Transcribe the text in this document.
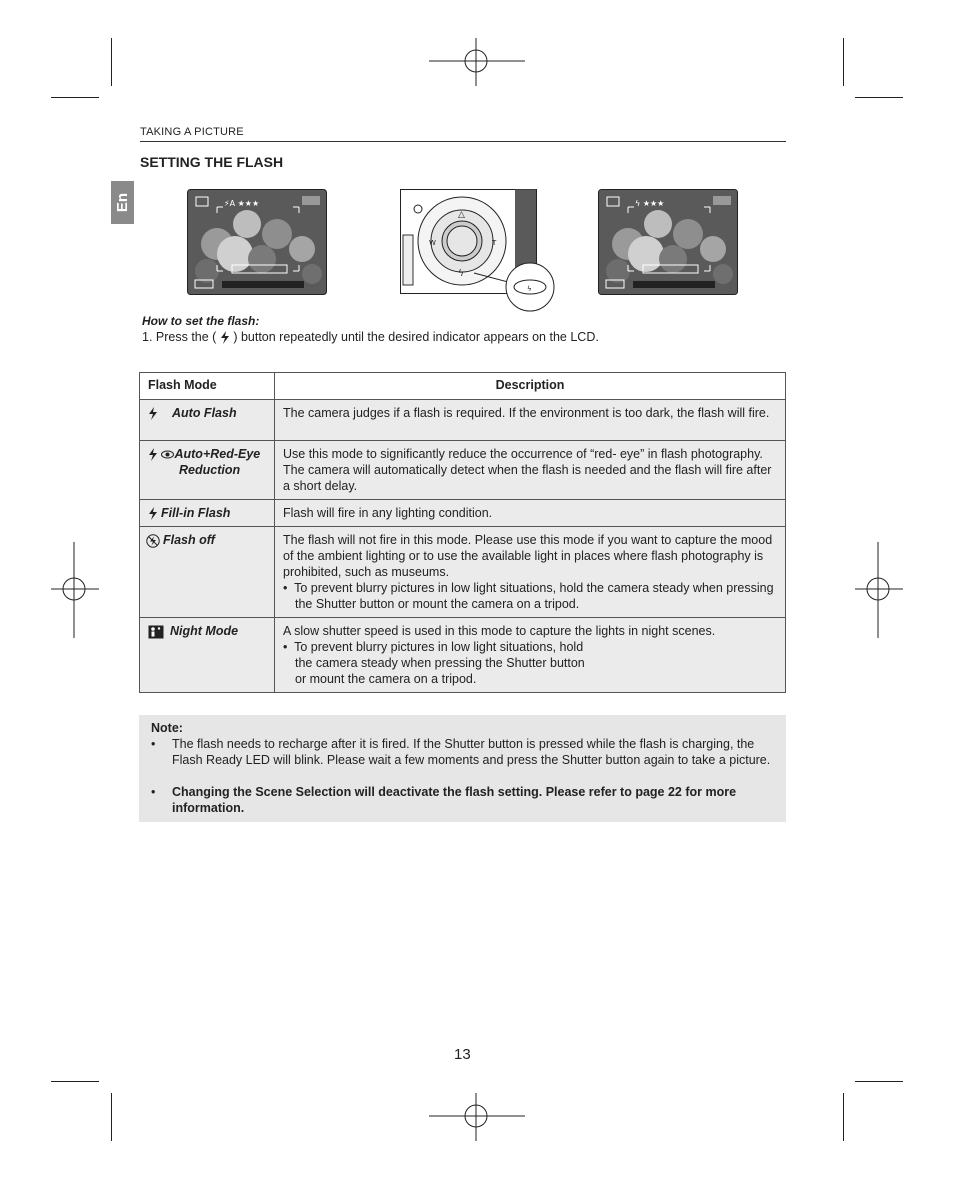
TAKING A PICTURE
SETTING THE FLASH
En	⚡A ★★★
△
W	T
ϟ
ϟ
ϟ ★★★
How to set the flash:
1. Press the ( ) button repeatedly until the desired indicator appears on the LCD.
Flash Mode	Description
Auto Flash	The camera judges if a flash is required. If the environment is too dark, the flash will fire.
Auto+Red-Eye
Reduction	Use this mode to significantly reduce the occurrence of “red- eye” in flash photography. The camera will automatically detect when the flash is needed and the flash will fire after a short delay.
Fill-in Flash	Flash will fire in any lighting condition.
Flash off	The flash will not fire in this mode. Please use this mode if you want to capture the mood of the ambient lighting or to use the available light in places where flash photography is prohibited, such as museums.
•  To prevent blurry pictures in low light situations, hold the camera steady when pressing the Shutter button or mount the camera on a tripod.

Night Mode	A slow shutter speed is used in this mode to capture the lights in night scenes.
•  To prevent blurry pictures in low light situations, hold
the camera steady when pressing the Shutter button
or mount the camera on a tripod.
Note:
• The flash needs to recharge after it is fired. If the Shutter button is pressed while the flash is charging, the Flash Ready LED will blink. Please wait a few moments and press the Shutter button again to take a picture.
• Changing the Scene Selection will deactivate the flash setting. Please refer to page 22 for more information.
13
